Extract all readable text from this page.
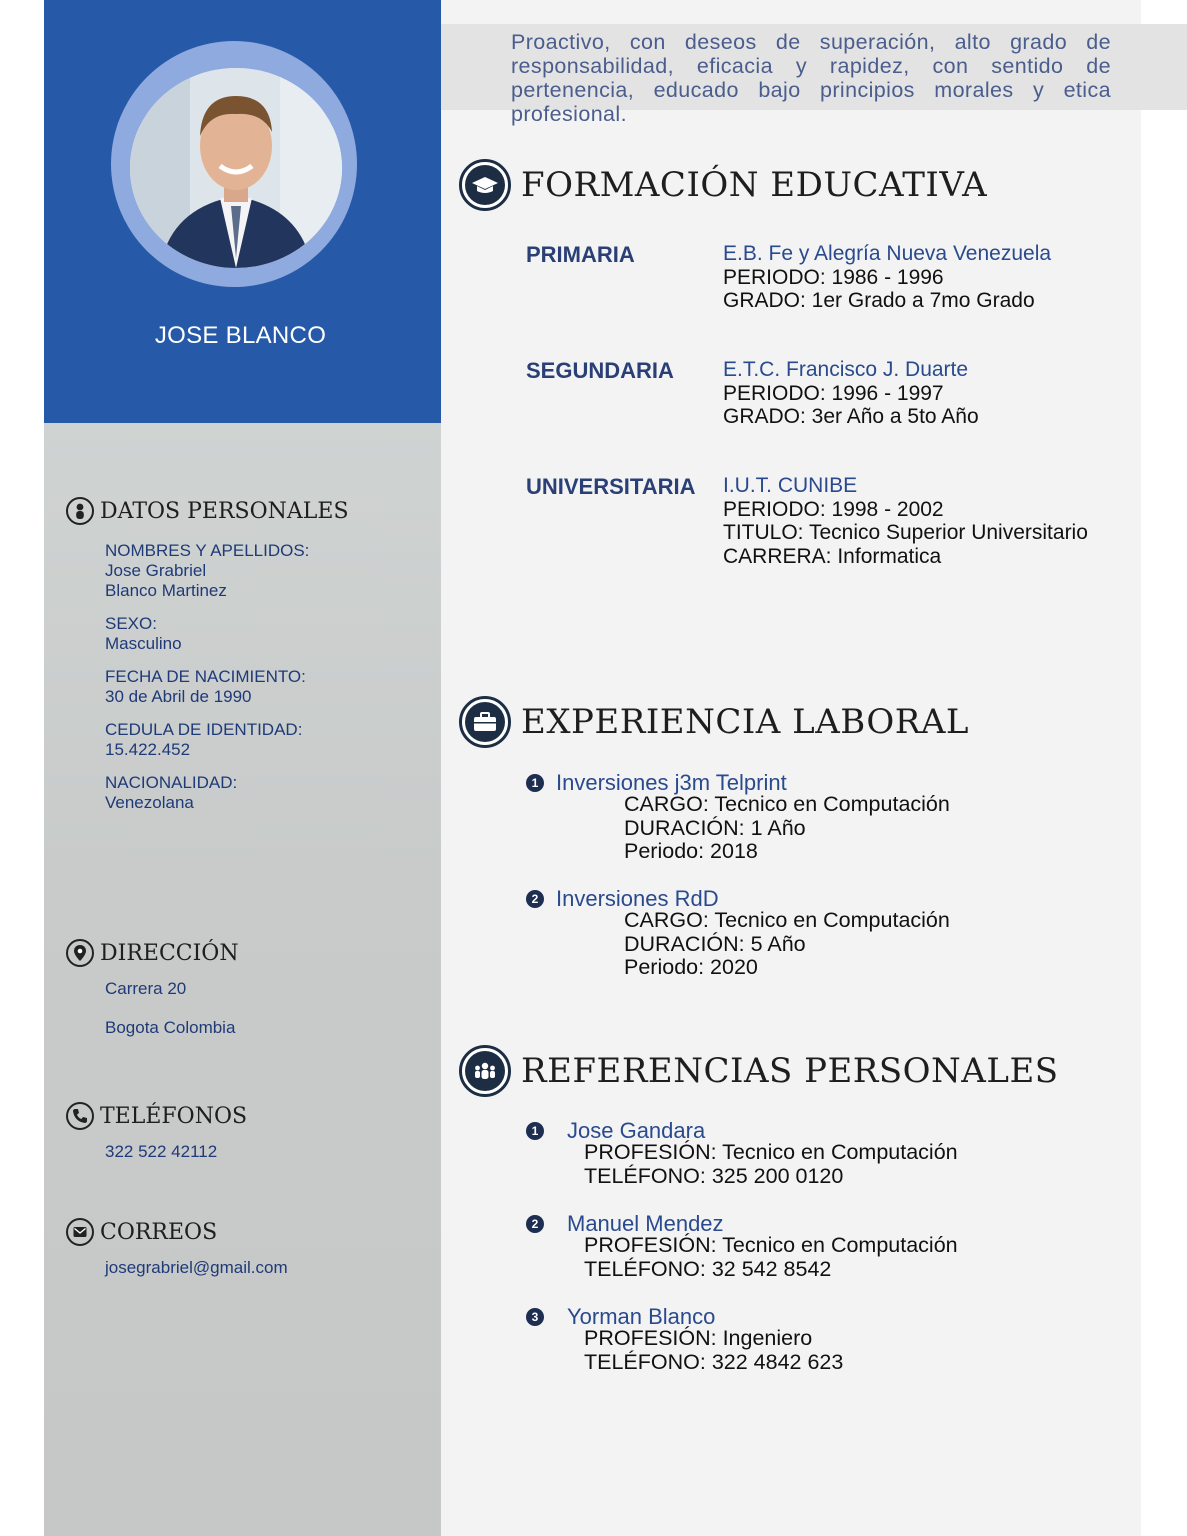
JOSE BLANCO
DATOS PERSONALES
NOMBRES Y APELLIDOS:
Jose Grabriel
Blanco Martinez
SEXO:
Masculino
FECHA DE NACIMIENTO:
30 de Abril de 1990
CEDULA DE IDENTIDAD:
15.422.452
NACIONALIDAD:
Venezolana
DIRECCIÓN
Carrera 20
Bogota Colombia
TELÉFONOS
322 522 42112
CORREOS
josegrabriel@gmail.com
Proactivo, con deseos de superación, alto grado de responsabilidad, eficacia y rapidez, con sentido de pertenencia, educado bajo principios morales y etica profesional.
FORMACIÓN EDUCATIVA
PRIMARIA	E.B. Fe y Alegría Nueva Venezuela
PERIODO: 1986 - 1996
GRADO: 1er Grado a 7mo Grado
SEGUNDARIA E.T.C. Francisco J. Duarte
PERIODO: 1996 - 1997
GRADO: 3er Año a 5to Año
UNIVERSITARIA I.U.T. CUNIBE
PERIODO: 1998 - 2002
TITULO: Tecnico Superior Universitario
CARRERA: Informatica
EXPERIENCIA LABORAL
1 Inversiones j3m Telprint
CARGO: Tecnico en Computación
DURACIÓN: 1 Año
Periodo: 2018
2 Inversiones RdD
CARGO: Tecnico en Computación
DURACIÓN: 5 Año
Periodo: 2020
REFERENCIAS PERSONALES
1 Jose Gandara
PROFESIÓN: Tecnico en Computación
TELÉFONO: 325 200 0120
2 Manuel Mendez
PROFESIÓN: Tecnico en Computación
TELÉFONO: 32 542 8542
3 Yorman Blanco
PROFESIÓN: Ingeniero
TELÉFONO: 322 4842 623
